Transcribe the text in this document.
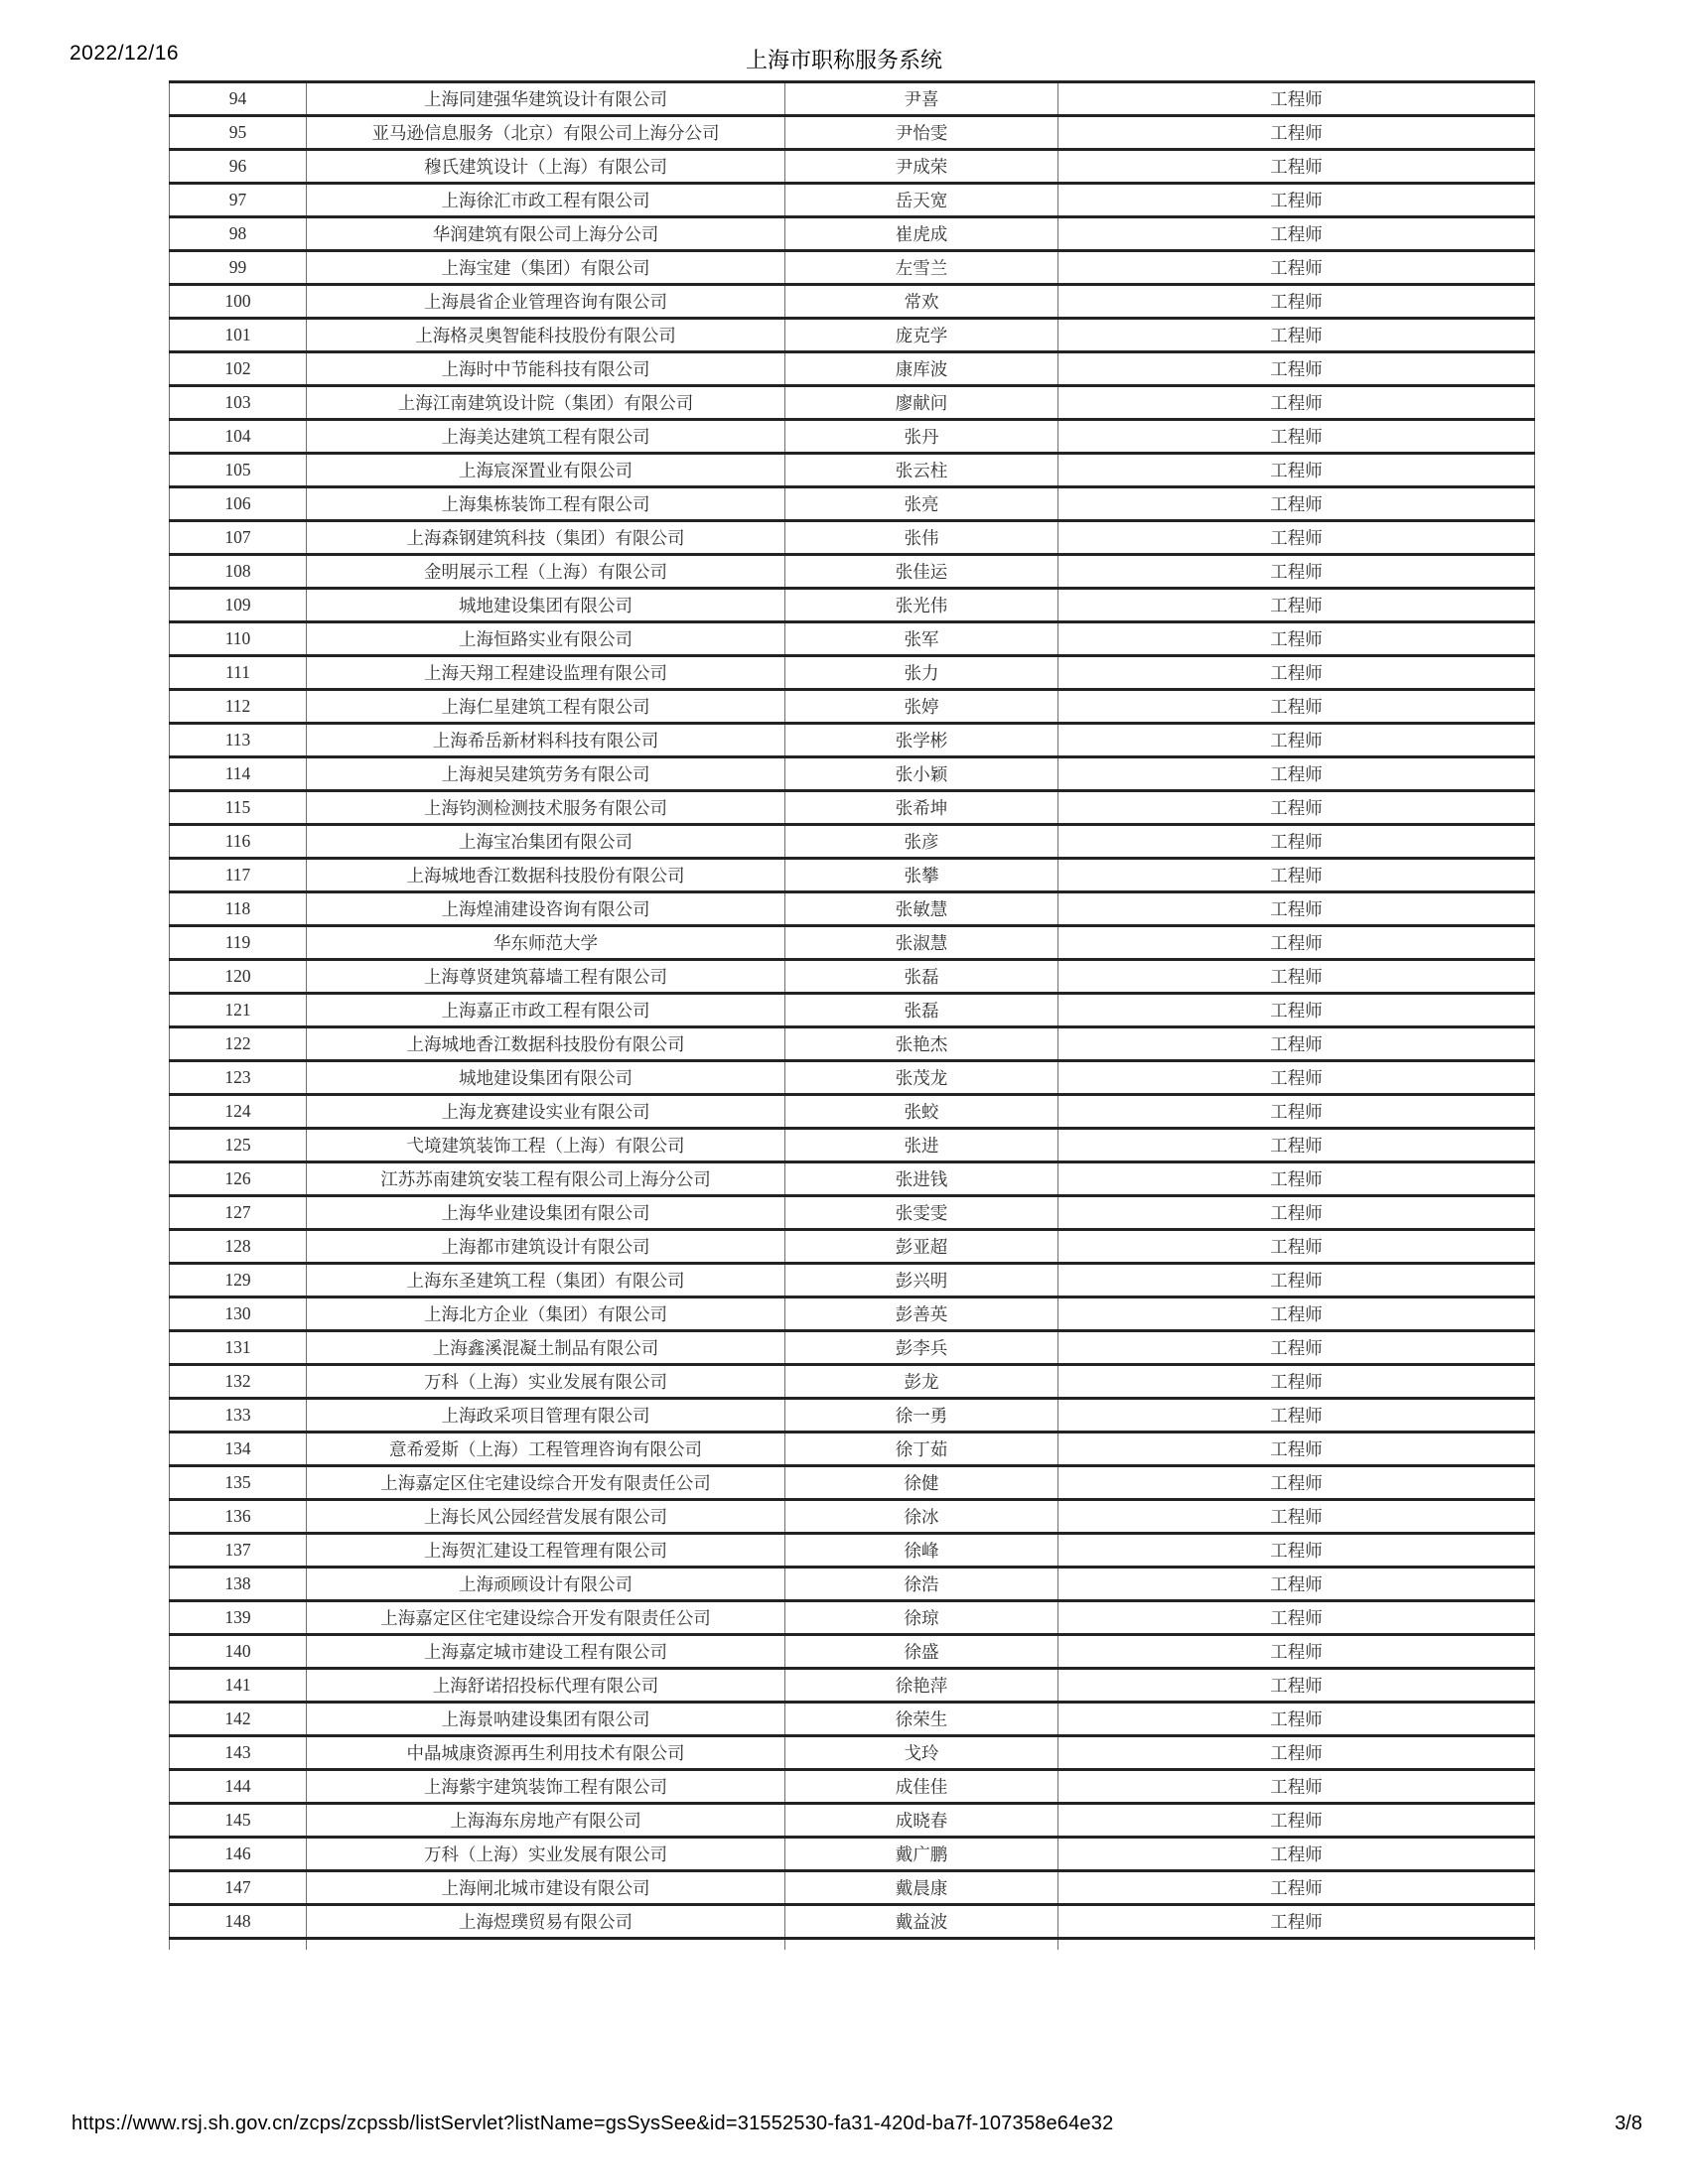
2022/12/16	上海市职称服务系统
94	上海同建强华建筑设计有限公司	尹喜	工程师
95	亚马逊信息服务（北京）有限公司上海分公司	尹怡雯	工程师
96	穆氏建筑设计（上海）有限公司	尹成荣	工程师
97	上海徐汇市政工程有限公司	岳天宽	工程师
98	华润建筑有限公司上海分公司	崔虎成	工程师
99	上海宝建（集团）有限公司	左雪兰	工程师
100	上海晨省企业管理咨询有限公司	常欢	工程师
101	上海格灵奥智能科技股份有限公司	庞克学	工程师
102	上海时中节能科技有限公司	康库波	工程师
103	上海江南建筑设计院（集团）有限公司	廖献问	工程师
104	上海美达建筑工程有限公司	张丹	工程师
105	上海宸深置业有限公司	张云柱	工程师
106	上海集栋装饰工程有限公司	张亮	工程师
107	上海森钢建筑科技（集团）有限公司	张伟	工程师
108	金明展示工程（上海）有限公司	张佳运	工程师
109	城地建设集团有限公司	张光伟	工程师
110	上海恒路实业有限公司	张军	工程师
111	上海天翔工程建设监理有限公司	张力	工程师
112	上海仁星建筑工程有限公司	张婷	工程师
113	上海希岳新材料科技有限公司	张学彬	工程师
114	上海昶吴建筑劳务有限公司	张小颖	工程师
115	上海钧测检测技术服务有限公司	张希坤	工程师
116	上海宝冶集团有限公司	张彦	工程师
117	上海城地香江数据科技股份有限公司	张攀	工程师
118	上海煌浦建设咨询有限公司	张敏慧	工程师
119	华东师范大学	张淑慧	工程师
120	上海尊贤建筑幕墙工程有限公司	张磊	工程师
121	上海嘉正市政工程有限公司	张磊	工程师
122	上海城地香江数据科技股份有限公司	张艳杰	工程师
123	城地建设集团有限公司	张茂龙	工程师
124	上海龙赛建设实业有限公司	张蛟	工程师
125	弋境建筑装饰工程（上海）有限公司	张进	工程师
126	江苏苏南建筑安装工程有限公司上海分公司	张进钱	工程师
127	上海华业建设集团有限公司	张雯雯	工程师
128	上海都市建筑设计有限公司	彭亚超	工程师
129	上海东圣建筑工程（集团）有限公司	彭兴明	工程师
130	上海北方企业（集团）有限公司	彭善英	工程师
131	上海鑫溪混凝土制品有限公司	彭李兵	工程师
132	万科（上海）实业发展有限公司	彭龙	工程师
133	上海政采项目管理有限公司	徐一勇	工程师
134	意希爱斯（上海）工程管理咨询有限公司	徐丁茹	工程师
135	上海嘉定区住宅建设综合开发有限责任公司	徐健	工程师
136	上海长风公园经营发展有限公司	徐冰	工程师
137	上海贺汇建设工程管理有限公司	徐峰	工程师
138	上海顽顾设计有限公司	徐浩	工程师
139	上海嘉定区住宅建设综合开发有限责任公司	徐琼	工程师
140	上海嘉定城市建设工程有限公司	徐盛	工程师
141	上海舒诺招投标代理有限公司	徐艳萍	工程师
142	上海景呐建设集团有限公司	徐荣生	工程师
143	中晶城康资源再生利用技术有限公司	戈玲	工程师
144	上海紫宇建筑装饰工程有限公司	成佳佳	工程师
145	上海海东房地产有限公司	成晓春	工程师
146	万科（上海）实业发展有限公司	戴广鹏	工程师
147	上海闸北城市建设有限公司	戴晨康	工程师
148	上海煜璞贸易有限公司	戴益波	工程师

https://www.rsj.sh.gov.cn/zcps/zcpssb/listServlet?listName=gsSysSee&id=31552530-fa31-420d-ba7f-107358e64e32	3/8
